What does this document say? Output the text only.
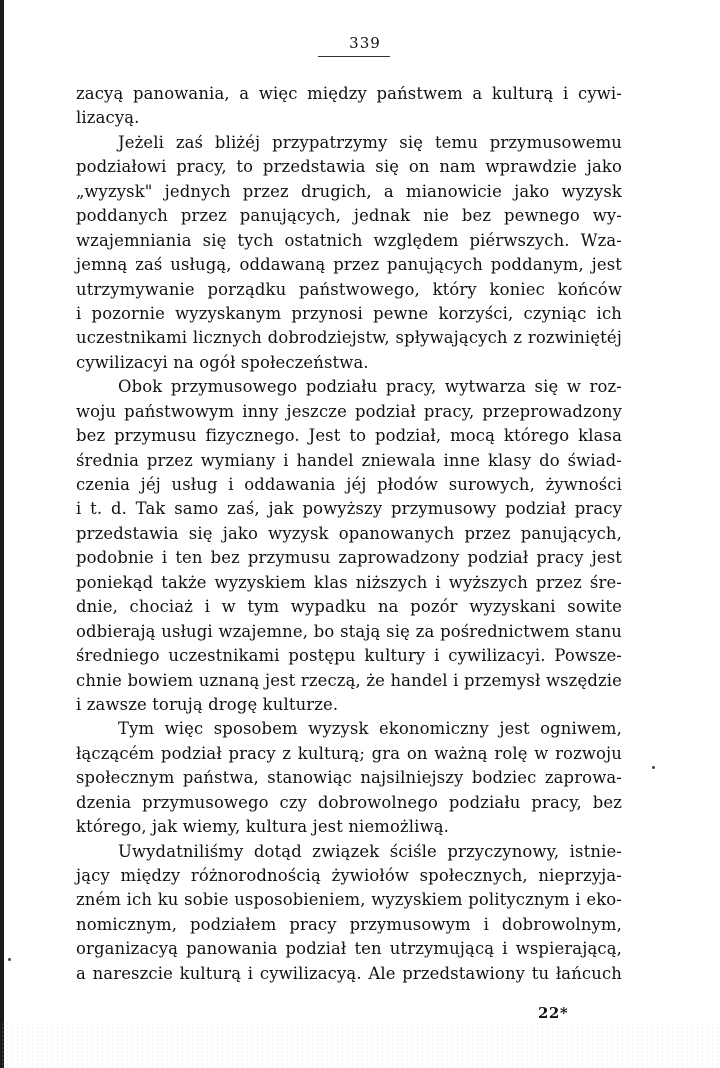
339
zacyą panowania, a więc między państwem a kulturą i cywi-
lizacyą.
Jeżeli zaś bliżéj przypatrzymy się temu przymusowemu
podziałowi pracy, to przedstawia się on nam wprawdzie jako
„wyzysk" jednych przez drugich, a mianowicie jako wyzysk
poddanych przez panujących, jednak nie bez pewnego wy-
wzajemniania się tych ostatnich względem piérwszych. Wza-
jemną zaś usługą, oddawaną przez panujących poddanym, jest
utrzymywanie porządku państwowego, który koniec końców
i pozornie wyzyskanym przynosi pewne korzyści, czyniąc ich
uczestnikami licznych dobrodziejstw, spływających z rozwiniętéj
cywilizacyi na ogół społeczeństwa.
Obok przymusowego podziału pracy, wytwarza się w roz-
woju państwowym inny jeszcze podział pracy, przeprowadzony
bez przymusu fizycznego. Jest to podział, mocą którego klasa
średnia przez wymiany i handel zniewala inne klasy do świad-
czenia jéj usług i oddawania jéj płodów surowych, żywności
i t. d. Tak samo zaś, jak powyższy przymusowy podział pracy
przedstawia się jako wyzysk opanowanych przez panujących,
podobnie i ten bez przymusu zaprowadzony podział pracy jest
poniekąd także wyzyskiem klas niższych i wyższych przez śre-
dnie, chociaż i w tym wypadku na pozór wyzyskani sowite
odbierają usługi wzajemne, bo stają się za pośrednictwem stanu
średniego uczestnikami postępu kultury i cywilizacyi. Powsze-
chnie bowiem uznaną jest rzeczą, że handel i przemysł wszędzie
i zawsze torują drogę kulturze.
Tym więc sposobem wyzysk ekonomiczny jest ogniwem,
łączącém podział pracy z kulturą; gra on ważną rolę w rozwoju
społecznym państwa, stanowiąc najsilniejszy bodziec zaprowa-
dzenia przymusowego czy dobrowolnego podziału pracy, bez
którego, jak wiemy, kultura jest niemożliwą.
Uwydatniliśmy dotąd związek ściśle przyczynowy, istnie-
jący między różnorodnością żywiołów społecznych, nieprzyja-
zném ich ku sobie usposobieniem, wyzyskiem politycznym i eko-
nomicznym, podziałem pracy przymusowym i dobrowolnym,
organizacyą panowania podział ten utrzymującą i wspierającą,
a nareszcie kulturą i cywilizacyą. Ale przedstawiony tu łańcuch
22*
